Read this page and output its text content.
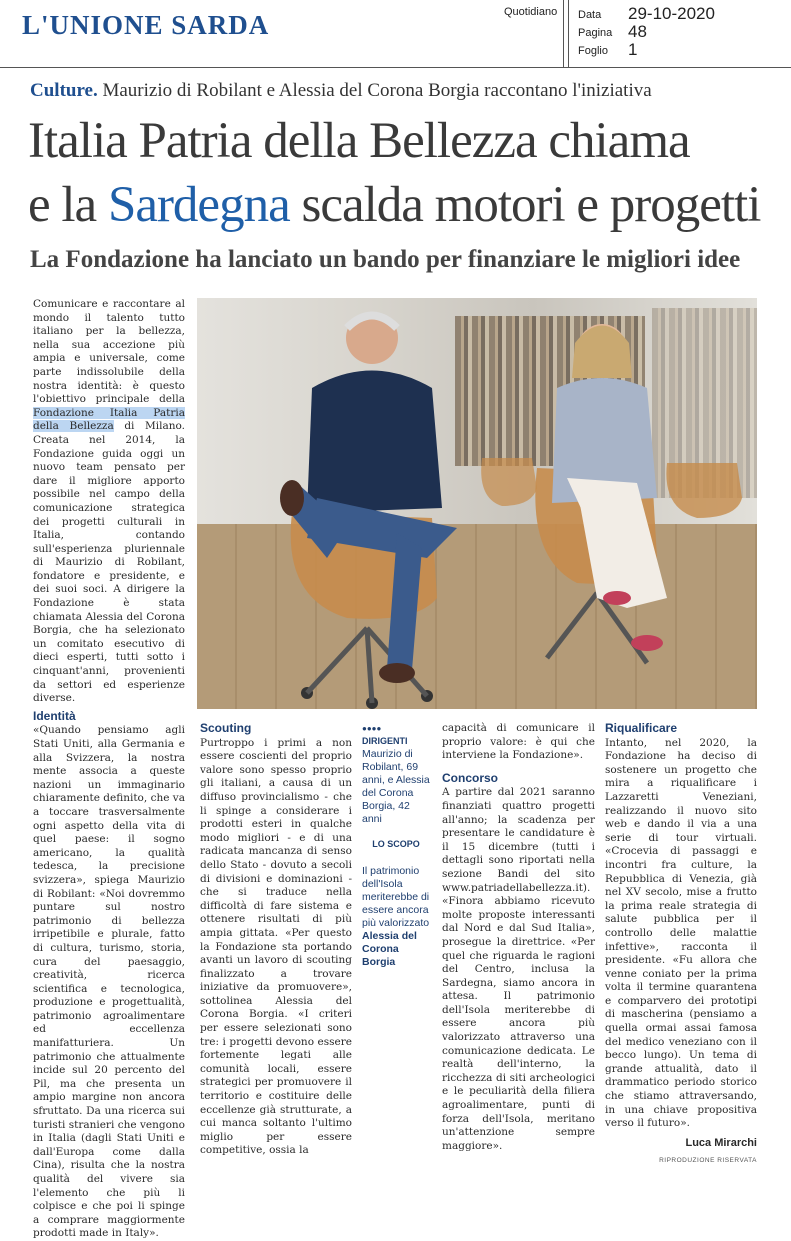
L'UNIONE SARDA	Quotidiano Data 29-10-2020
Pagina 48
Foglio 1
Culture. Maurizio di Robilant e Alessia del Corona Borgia raccontano l'iniziativa
Italia Patria della Bellezza chiama
e la Sardegna scalda motori e progetti
La Fondazione ha lanciato un bando per finanziare le migliori idee

Comunicare e raccontare al mondo il talento tutto italiano per la bellezza, nella sua accezione più ampia e universale, come parte indissolubile della nostra identità: è questo l'obiettivo principale della Fondazione Italia Patria della Bellezza di Milano. Creata nel 2014, la Fondazione guida oggi un nuovo team pensato per dare il migliore apporto possibile nel campo della comunicazione strategica dei progetti culturali in Italia, contando sull'esperienza pluriennale di Maurizio di Robilant, fondatore e presidente, e dei suoi soci. A dirigere la Fondazione è stata chiamata Alessia del Corona Borgia, che ha selezionato un comitato esecutivo di dieci esperti, tutti sotto i cinquant'anni, provenienti da settori ed esperienze diverse.

Identità

«Quando pensiamo agli Stati Uniti, alla Germania e alla Svizzera, la nostra mente associa a queste nazioni un immaginario chiaramente definito, che va a toccare trasversalmente ogni aspetto della vita di quel paese: il sogno americano, la qualità tedesca, la precisione svizzera», spiega Maurizio di Robilant: «Noi dovremmo puntare sul nostro patrimonio di bellezza irripetibile e plurale, fatto di cultura, turismo, storia, cura del paesaggio, creatività, ricerca scientifica e tecnologica, produzione e progettualità, patrimonio agroalimentare ed eccellenza manifatturiera. Un patrimonio che attualmente incide sul 20 percento del Pil, ma che presenta un ampio margine non ancora sfruttato. Da una ricerca sui turisti stranieri che vengono in Italia (dagli Stati Uniti e dall'Europa come dalla Cina), risulta che la nostra qualità del vivere sia l'elemento che più li colpisce e che poi li spinge a comprare maggiormente prodotti made in Italy».

Scouting

Purtroppo i primi a non essere coscienti del proprio valore sono spesso proprio gli italiani, a causa di un diffuso provincialismo - che li spinge a considerare i prodotti esteri in qualche modo migliori - e di una radicata mancanza di senso dello Stato - dovuto a secoli di divisioni e dominazioni - che si traduce nella difficoltà di fare sistema e ottenere risultati di più ampia gittata. «Per questo la Fondazione sta portando avanti un lavoro di scouting finalizzato a trovare iniziative da promuovere», sottolinea Alessia del Corona Borgia. «I criteri per essere selezionati sono tre: i progetti devono essere fortemente legati alle comunità locali, essere strategici per promuovere il territorio e costituire delle eccellenze già strutturate, a cui manca soltanto l'ultimo miglio per essere competitive, ossia la

●●●●
DIRIGENTI
Maurizio di Robilant, 69 anni, e Alessia del Corona Borgia, 42 anni
LO SCOPO
Il patrimonio dell'Isola meriterebbe di essere ancora più valorizzato
Alessia del Corona Borgia

capacità di comunicare il proprio valore: è qui che interviene la Fondazione».

Concorso

A partire dal 2021 saranno finanziati quattro progetti all'anno; la scadenza per presentare le candidature è il 15 dicembre (tutti i dettagli sono riportati nella sezione Bandi del sito www.patriadellabellezza.it). «Finora abbiamo ricevuto molte proposte interessanti dal Nord e dal Sud Italia», prosegue la direttrice. «Per quel che riguarda le ragioni del Centro, inclusa la Sardegna, siamo ancora in attesa. Il patrimonio dell'Isola meriterebbe di essere ancora più valorizzato attraverso una comunicazione dedicata. Le realtà dell'interno, la ricchezza di siti archeologici e le peculiarità della filiera agroalimentare, punti di forza dell'Isola, meritano un'attenzione sempre maggiore».

Riqualificare

Intanto, nel 2020, la Fondazione ha deciso di sostenere un progetto che mira a riqualificare i Lazzaretti Veneziani, realizzando il nuovo sito web e dando il via a una serie di tour virtuali. «Crocevia di passaggi e incontri fra culture, la Repubblica di Venezia, già nel XV secolo, mise a frutto la prima reale strategia di salute pubblica per il controllo delle malattie infettive», racconta il presidente. «Fu allora che venne coniato per la prima volta il termine quarantena e comparvero dei prototipi di mascherina (pensiamo a quella ormai assai famosa del medico veneziano con il becco lungo). Un tema di grande attualità, dato il drammatico periodo storico che stiamo attraversando, in una chiave propositiva verso il futuro».

Luca Mirarchi
RIPRODUZIONE RISERVATA
